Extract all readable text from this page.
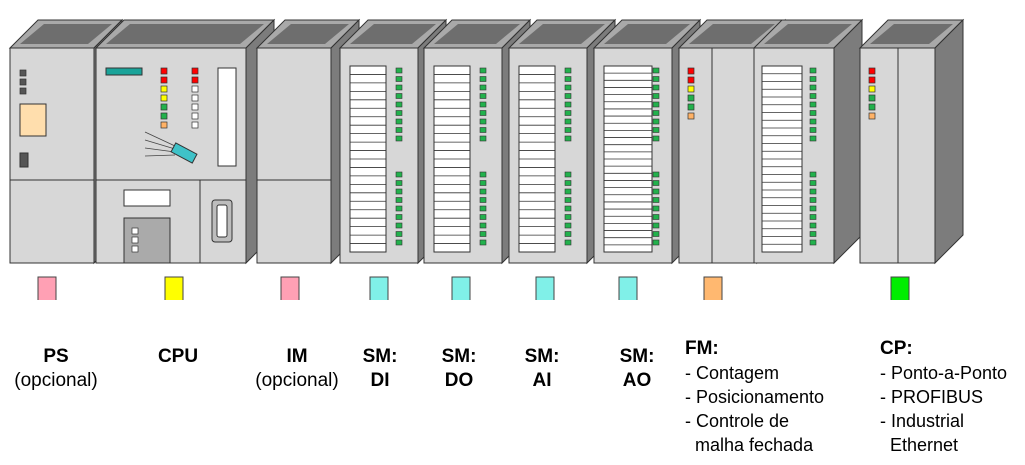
PS
(opcional)
CPU	IM
(opcional)
SM:
DI
SM:
DO
SM:
AI
SM:
AO
FM:
- Contagem
- Posicionamento
- Controle de
malha fechada
CP:
- Ponto-a-Ponto
- PROFIBUS
- Industrial
Ethernet
